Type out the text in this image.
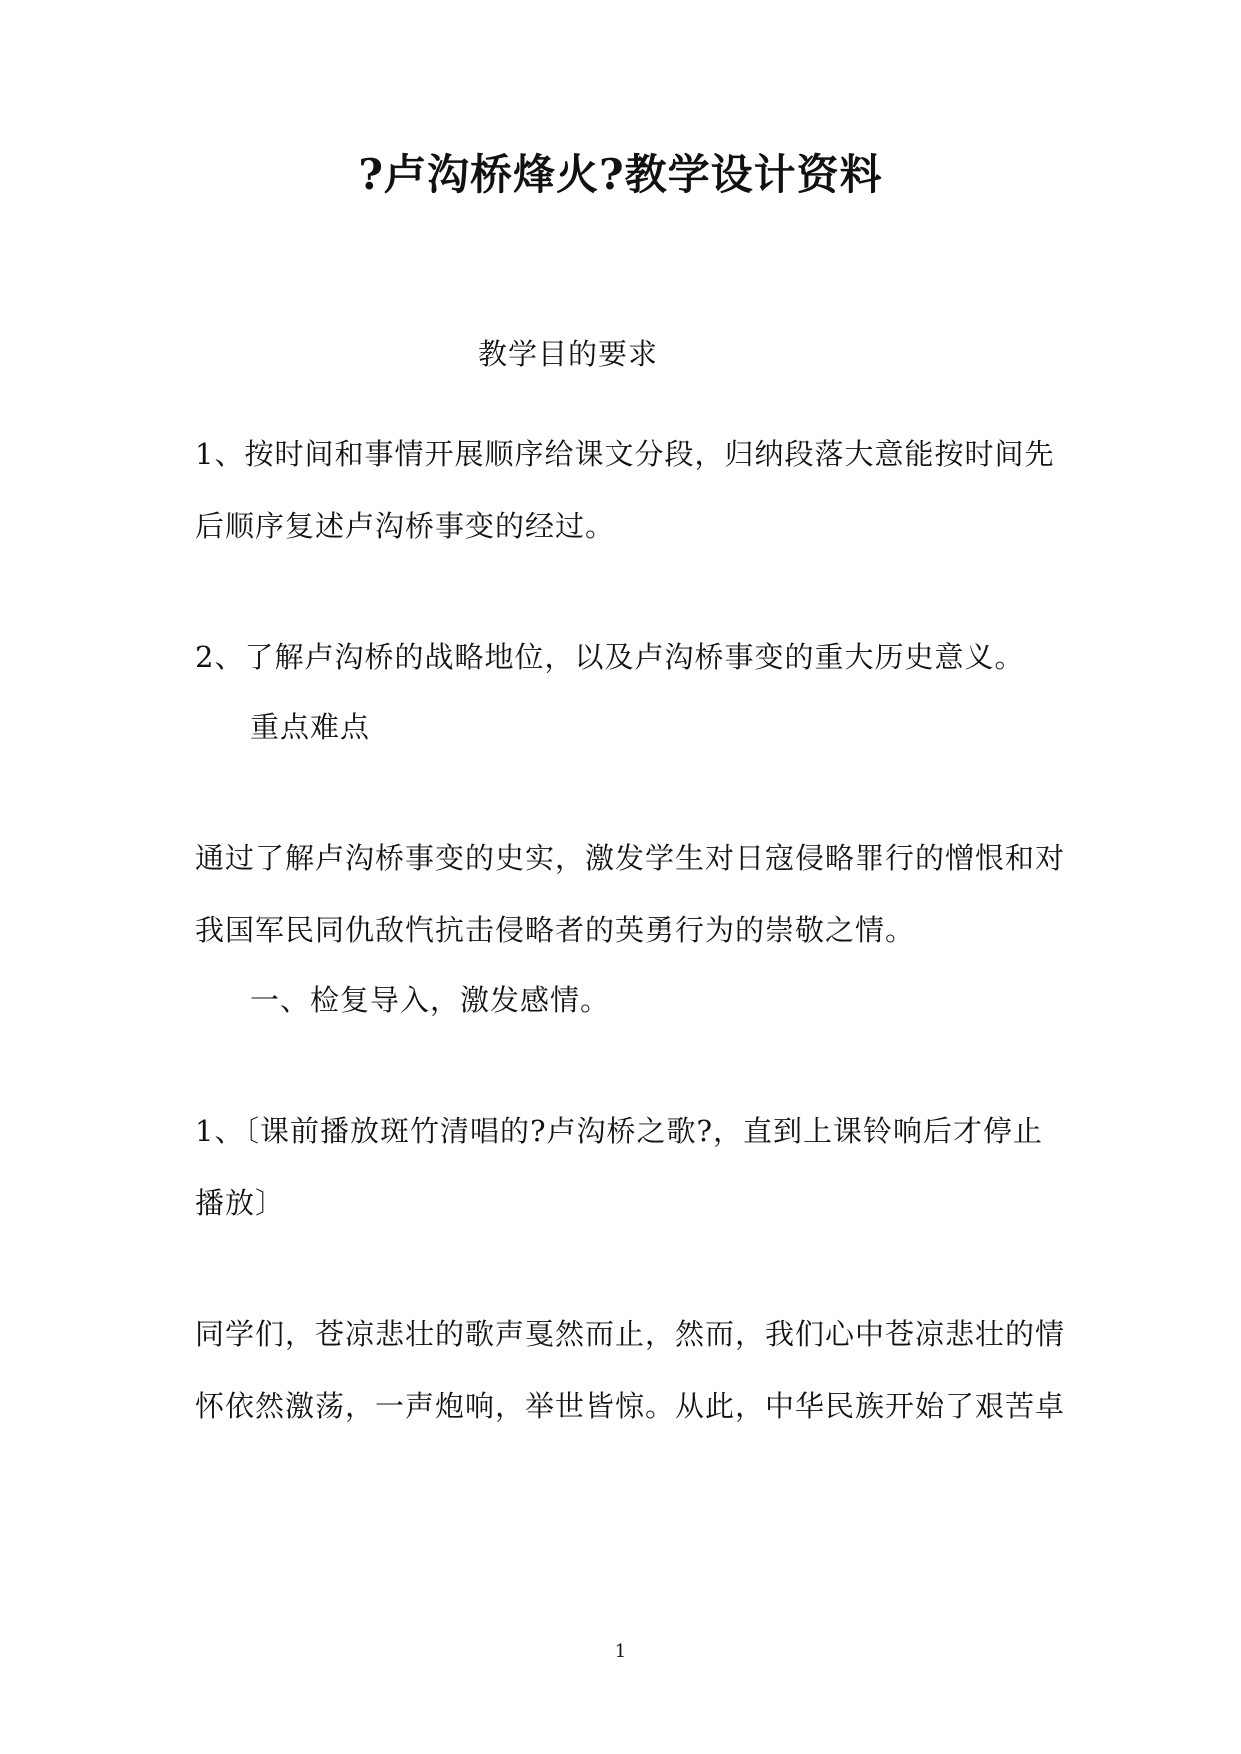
?卢沟桥烽火?教学设计资料
教学目的要求
1、按时间和事情开展顺序给课文分段，归纳段落大意能按时间先
后顺序复述卢沟桥事变的经过。
2、了解卢沟桥的战略地位，以及卢沟桥事变的重大历史意义。
重点难点
通过了解卢沟桥事变的史实，激发学生对日寇侵略罪行的憎恨和对
我国军民同仇敌忾抗击侵略者的英勇行为的崇敬之情。
一、检复导入，激发感情。
1、〔课前播放斑竹清唱的?卢沟桥之歌?，直到上课铃响后才停止
播放〕
同学们，苍凉悲壮的歌声戛然而止，然而，我们心中苍凉悲壮的情
怀依然激荡，一声炮响，举世皆惊。从此，中华民族开始了艰苦卓
1
